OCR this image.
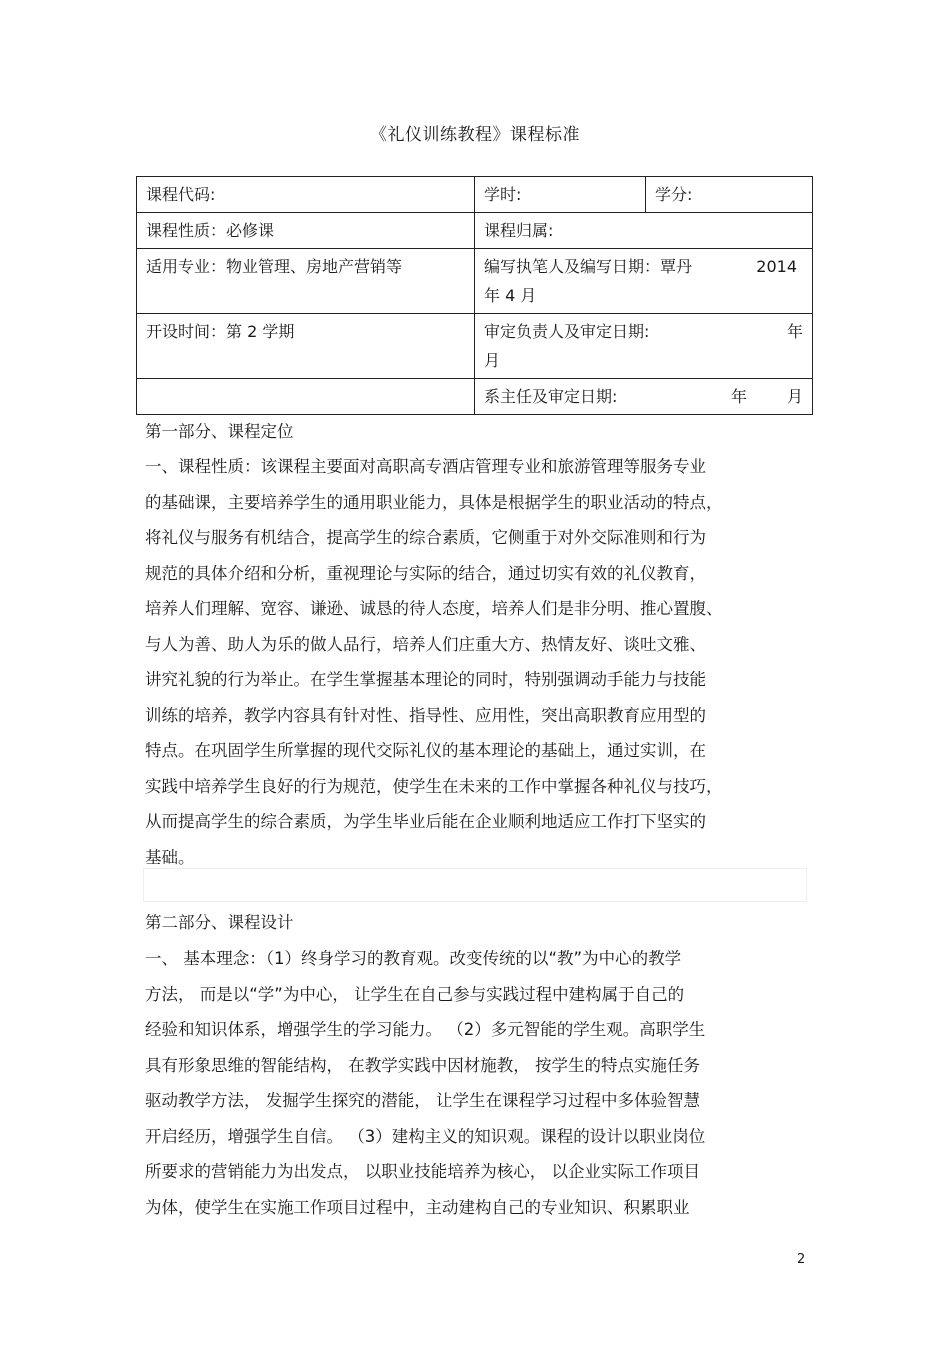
《礼仪训练教程》课程标准
课程代码:	学时:	学分:
课程性质：必修课	课程归属:	
适用专业：物业管理、房地产营销等	编写执笔人及编写日期：覃丹 2014
年 4 月	

开设时间：第 2 学期	审定负责人及审定日期: 年
月	

	系主任及审定日期: 年 月	
第一部分、课程定位
一、课程性质：该课程主要面对高职高专酒店管理专业和旅游管理等服务专业
的基础课，主要培养学生的通用职业能力，具体是根据学生的职业活动的特点，
将礼仪与服务有机结合，提高学生的综合素质，它侧重于对外交际准则和行为
规范的具体介绍和分析，重视理论与实际的结合，通过切实有效的礼仪教育，
培养人们理解、宽容、谦逊、诚恳的待人态度，培养人们是非分明、推心置腹、
与人为善、助人为乐的做人品行，培养人们庄重大方、热情友好、谈吐文雅、
讲究礼貌的行为举止。在学生掌握基本理论的同时，特别强调动手能力与技能
训练的培养，教学内容具有针对性、指导性、应用性，突出高职教育应用型的
特点。在巩固学生所掌握的现代交际礼仪的基本理论的基础上，通过实训，在
实践中培养学生良好的行为规范，使学生在未来的工作中掌握各种礼仪与技巧，
从而提高学生的综合素质，为学生毕业后能在企业顺利地适应工作打下坚实的
基础。
第二部分、课程设计
一、 基本理念：（1）终身学习的教育观。改变传统的以“教”为中心的教学
方法， 而是以“学”为中心， 让学生在自己参与实践过程中建构属于自己的
经验和知识体系，增强学生的学习能力。 （2）多元智能的学生观。高职学生
具有形象思维的智能结构， 在教学实践中因材施教， 按学生的特点实施任务
驱动教学方法， 发掘学生探究的潜能， 让学生在课程学习过程中多体验智慧
开启经历，增强学生自信。 （3）建构主义的知识观。课程的设计以职业岗位
所要求的营销能力为出发点， 以职业技能培养为核心， 以企业实际工作项目
为体，使学生在实施工作项目过程中，主动建构自己的专业知识、积累职业
2
